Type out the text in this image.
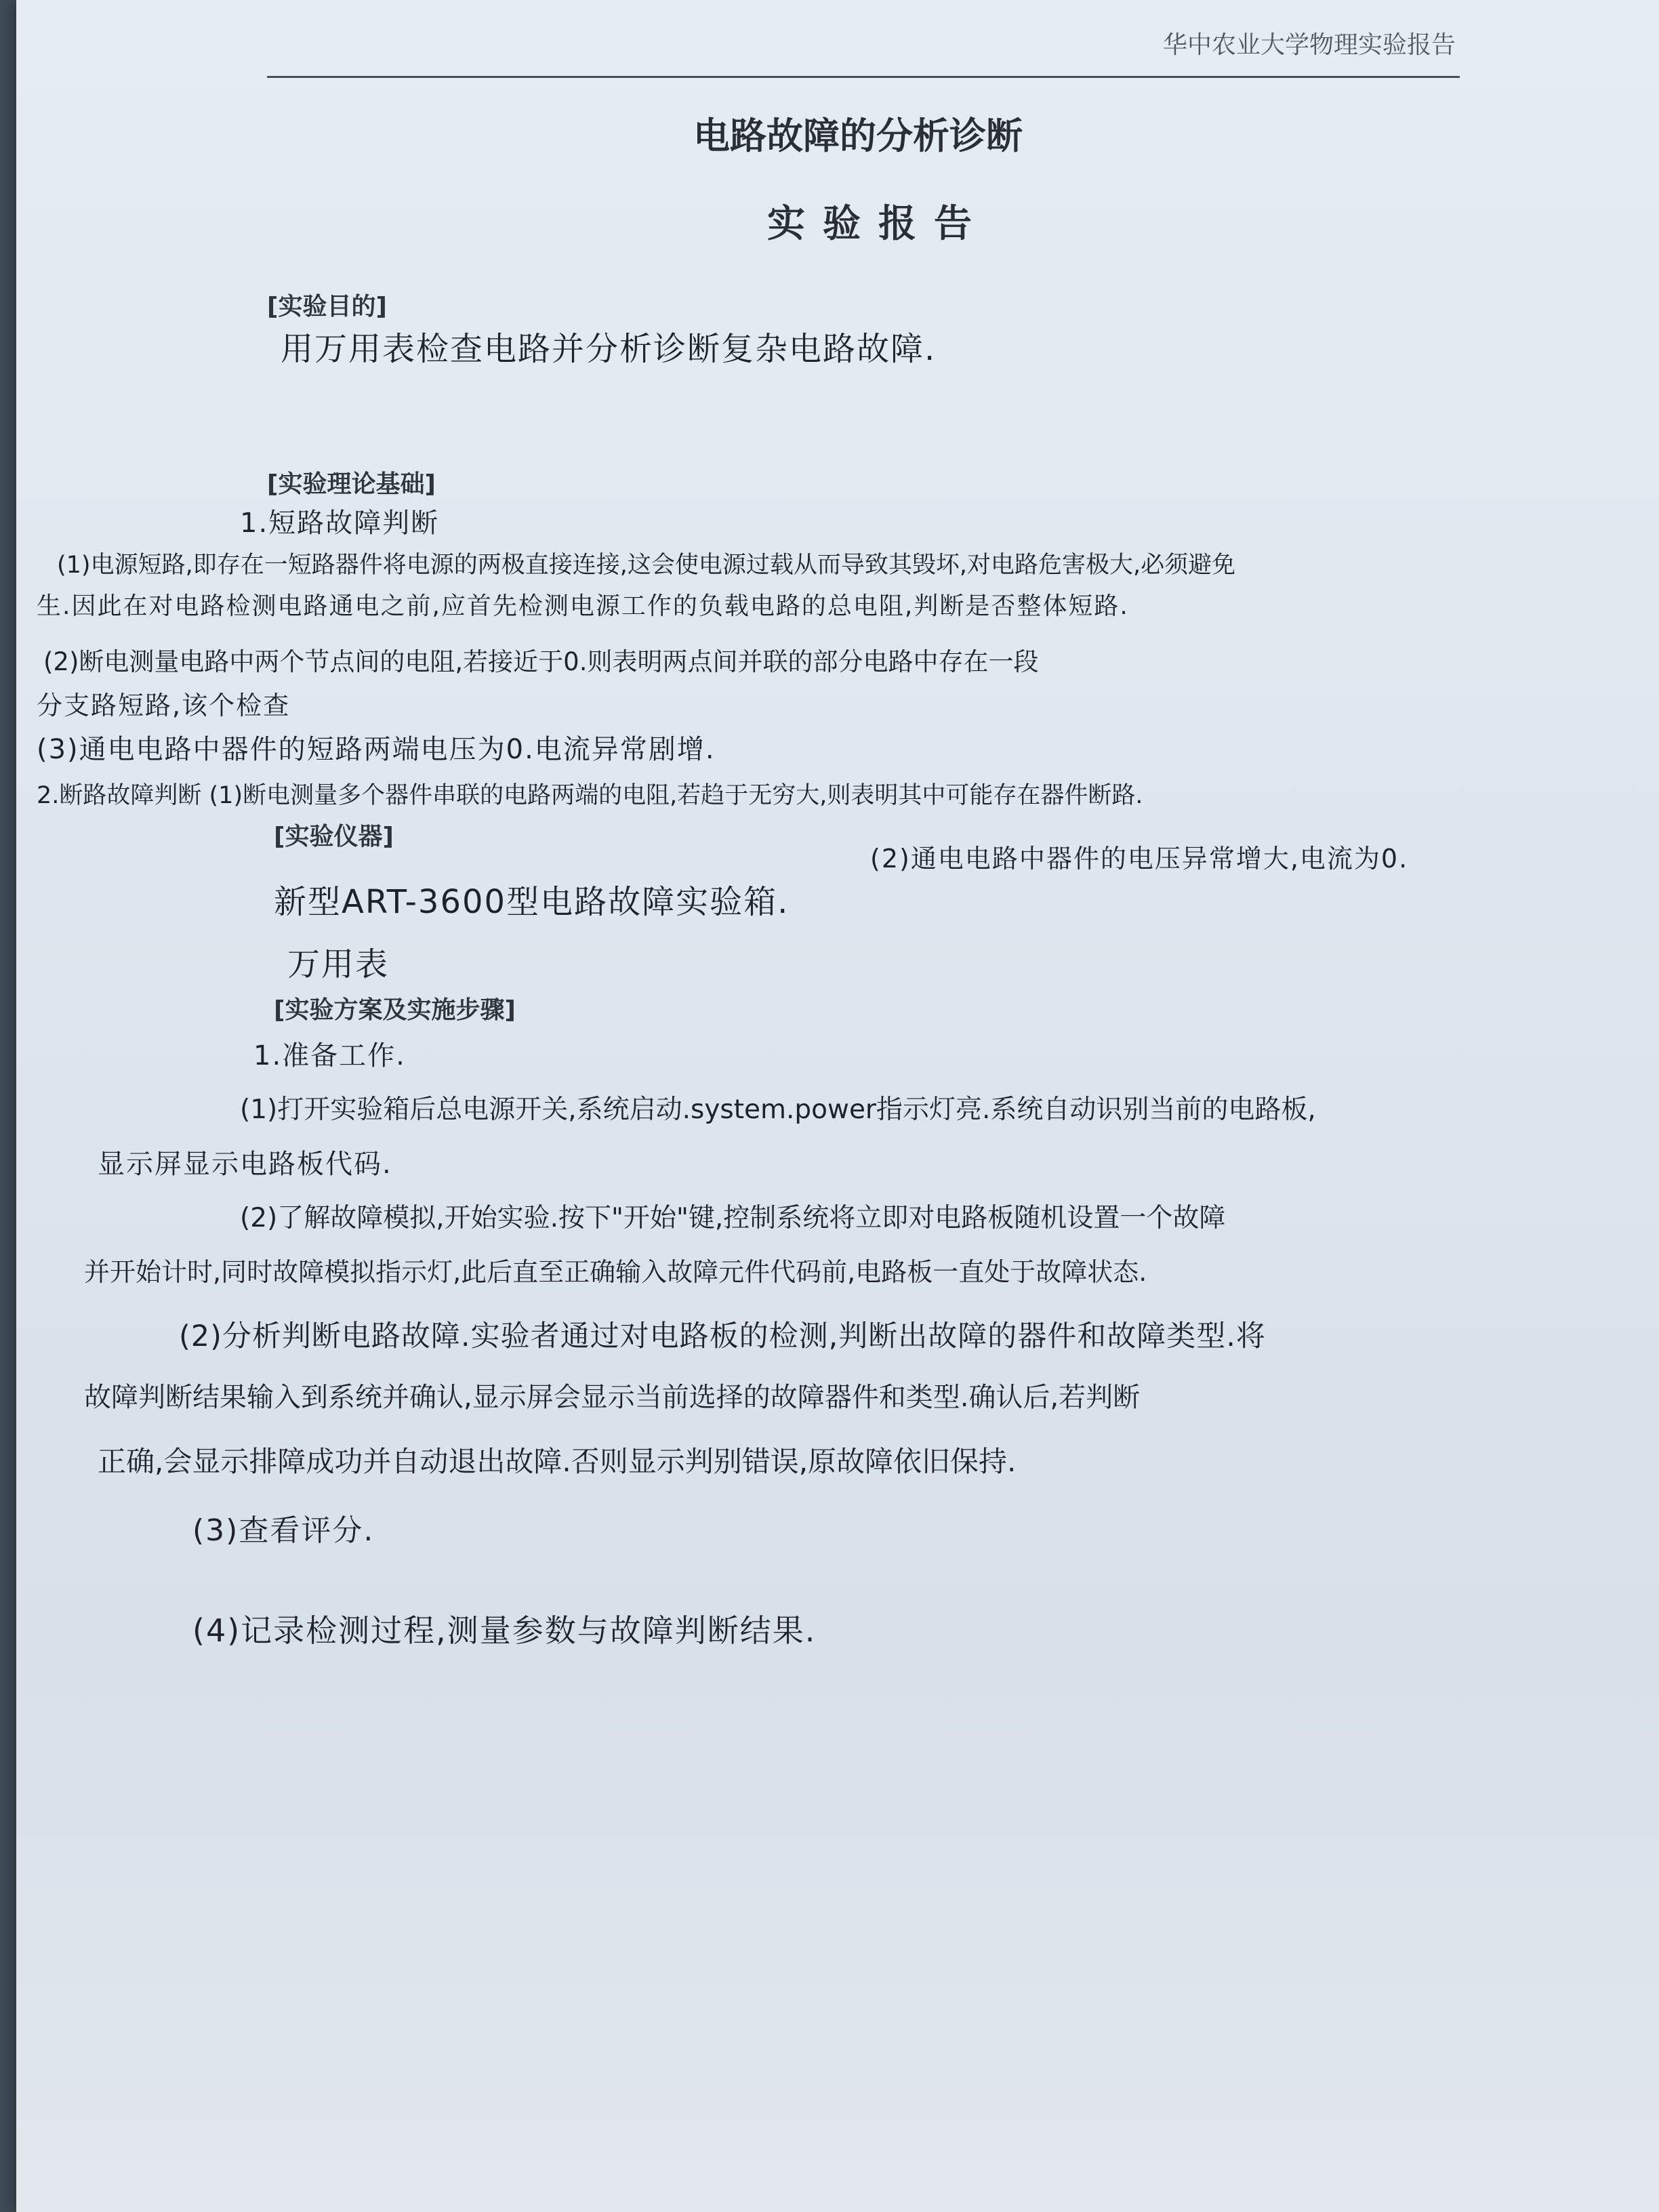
华中农业大学物理实验报告
电路故障的分析诊断
实验报告
[实验目的]
用万用表检查电路并分析诊断复杂电路故障.
[实验理论基础]
1.短路故障判断
(1)电源短路,即存在一短路器件将电源的两极直接连接,这会使电源过载从而导致其毁坏,对电路危害极大,必须避免
生.因此在对电路检测电路通电之前,应首先检测电源工作的负载电路的总电阻,判断是否整体短路.
(2)断电测量电路中两个节点间的电阻,若接近于0.则表明两点间并联的部分电路中存在一段
分支路短路,该个检查
(3)通电电路中器件的短路两端电压为0.电流异常剧增.
2.断路故障判断 (1)断电测量多个器件串联的电路两端的电阻,若趋于无穷大,则表明其中可能存在器件断路.
(2)通电电路中器件的电压异常增大,电流为0.
[实验仪器]
新型ART-3600型电路故障实验箱.
万用表
[实验方案及实施步骤]
1.准备工作.
(1)打开实验箱后总电源开关,系统启动.system.power指示灯亮.系统自动识别当前的电路板,
显示屏显示电路板代码.
(2)了解故障模拟,开始实验.按下"开始"键,控制系统将立即对电路板随机设置一个故障
并开始计时,同时故障模拟指示灯,此后直至正确输入故障元件代码前,电路板一直处于故障状态.
(2)分析判断电路故障.实验者通过对电路板的检测,判断出故障的器件和故障类型.将
故障判断结果输入到系统并确认,显示屏会显示当前选择的故障器件和类型.确认后,若判断
正确,会显示排障成功并自动退出故障.否则显示判别错误,原故障依旧保持.
(3)查看评分.
(4)记录检测过程,测量参数与故障判断结果.
